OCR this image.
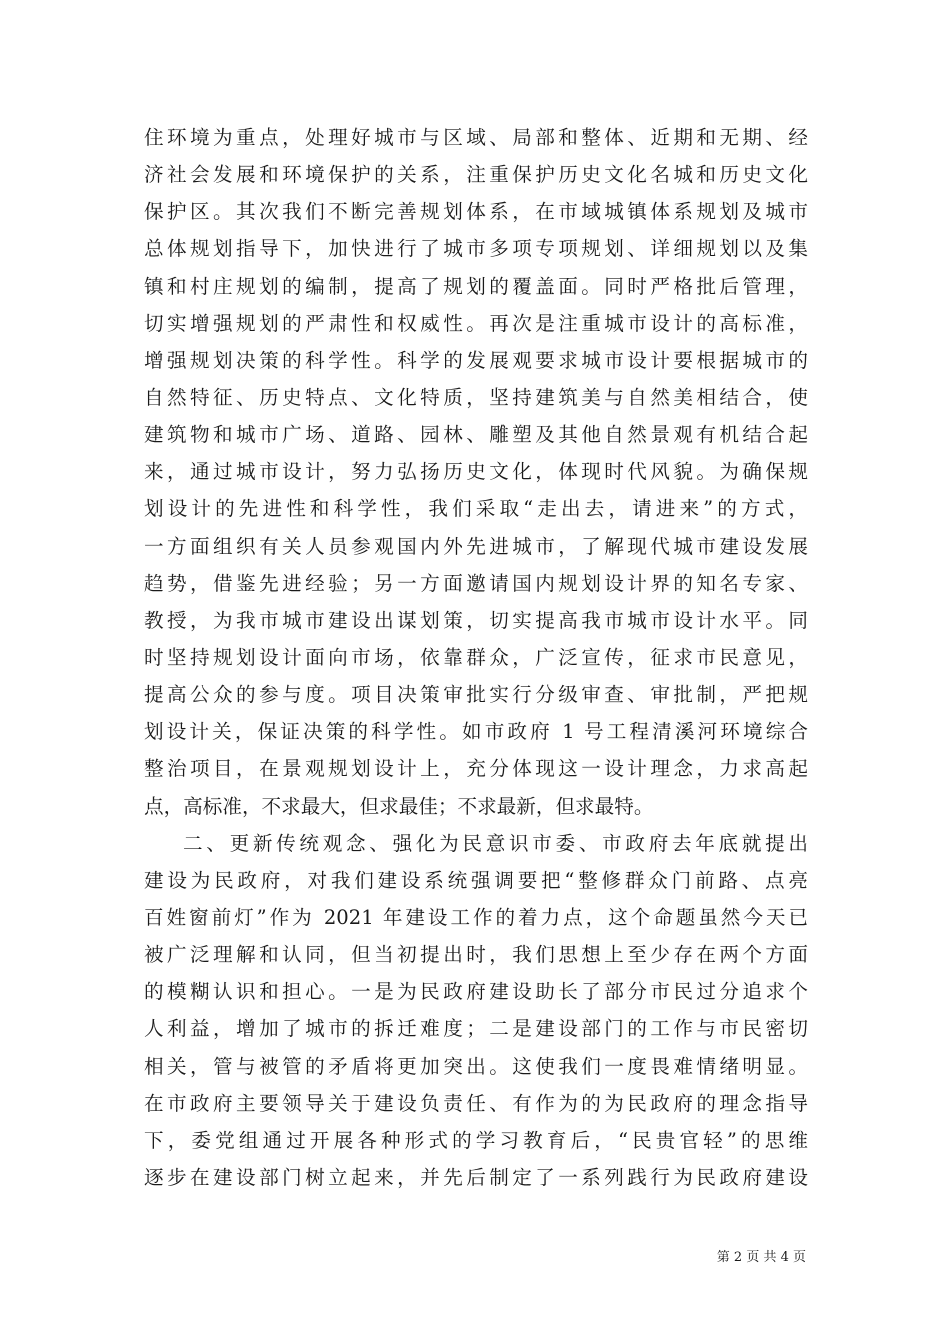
住环境为重点，处理好城市与区域、局部和整体、近期和无期、经
济社会发展和环境保护的关系，注重保护历史文化名城和历史文化
保护区。其次我们不断完善规划体系，在市域城镇体系规划及城市
总体规划指导下，加快进行了城市多项专项规划、详细规划以及集
镇和村庄规划的编制，提高了规划的覆盖面。同时严格批后管理，
切实增强规划的严肃性和权威性。再次是注重城市设计的高标准，
增强规划决策的科学性。科学的发展观要求城市设计要根据城市的
自然特征、历史特点、文化特质，坚持建筑美与自然美相结合，使
建筑物和城市广场、道路、园林、雕塑及其他自然景观有机结合起
来，通过城市设计，努力弘扬历史文化，体现时代风貌。为确保规
划设计的先进性和科学性，我们采取“走出去，请进来”的方式，
一方面组织有关人员参观国内外先进城市，了解现代城市建设发展
趋势，借鉴先进经验；另一方面邀请国内规划设计界的知名专家、
教授，为我市城市建设出谋划策，切实提高我市城市设计水平。同
时坚持规划设计面向市场，依靠群众，广泛宣传，征求市民意见，
提高公众的参与度。项目决策审批实行分级审查、审批制，严把规
划设计关，保证决策的科学性。如市政府 1 号工程清溪河环境综合
整治项目，在景观规划设计上，充分体现这一设计理念，力求高起
点，高标准，不求最大，但求最佳；不求最新，但求最特。
二、更新传统观念、强化为民意识市委、市政府去年底就提出
建设为民政府，对我们建设系统强调要把“整修群众门前路、点亮
百姓窗前灯”作为 2021 年建设工作的着力点，这个命题虽然今天已
被广泛理解和认同，但当初提出时，我们思想上至少存在两个方面
的模糊认识和担心。一是为民政府建设助长了部分市民过分追求个
人利益，增加了城市的拆迁难度；二是建设部门的工作与市民密切
相关，管与被管的矛盾将更加突出。这使我们一度畏难情绪明显。
在市政府主要领导关于建设负责任、有作为的为民政府的理念指导
下，委党组通过开展各种形式的学习教育后，“民贵官轻”的思维
逐步在建设部门树立起来，并先后制定了一系列践行为民政府建设
第 2 页 共 4 页
